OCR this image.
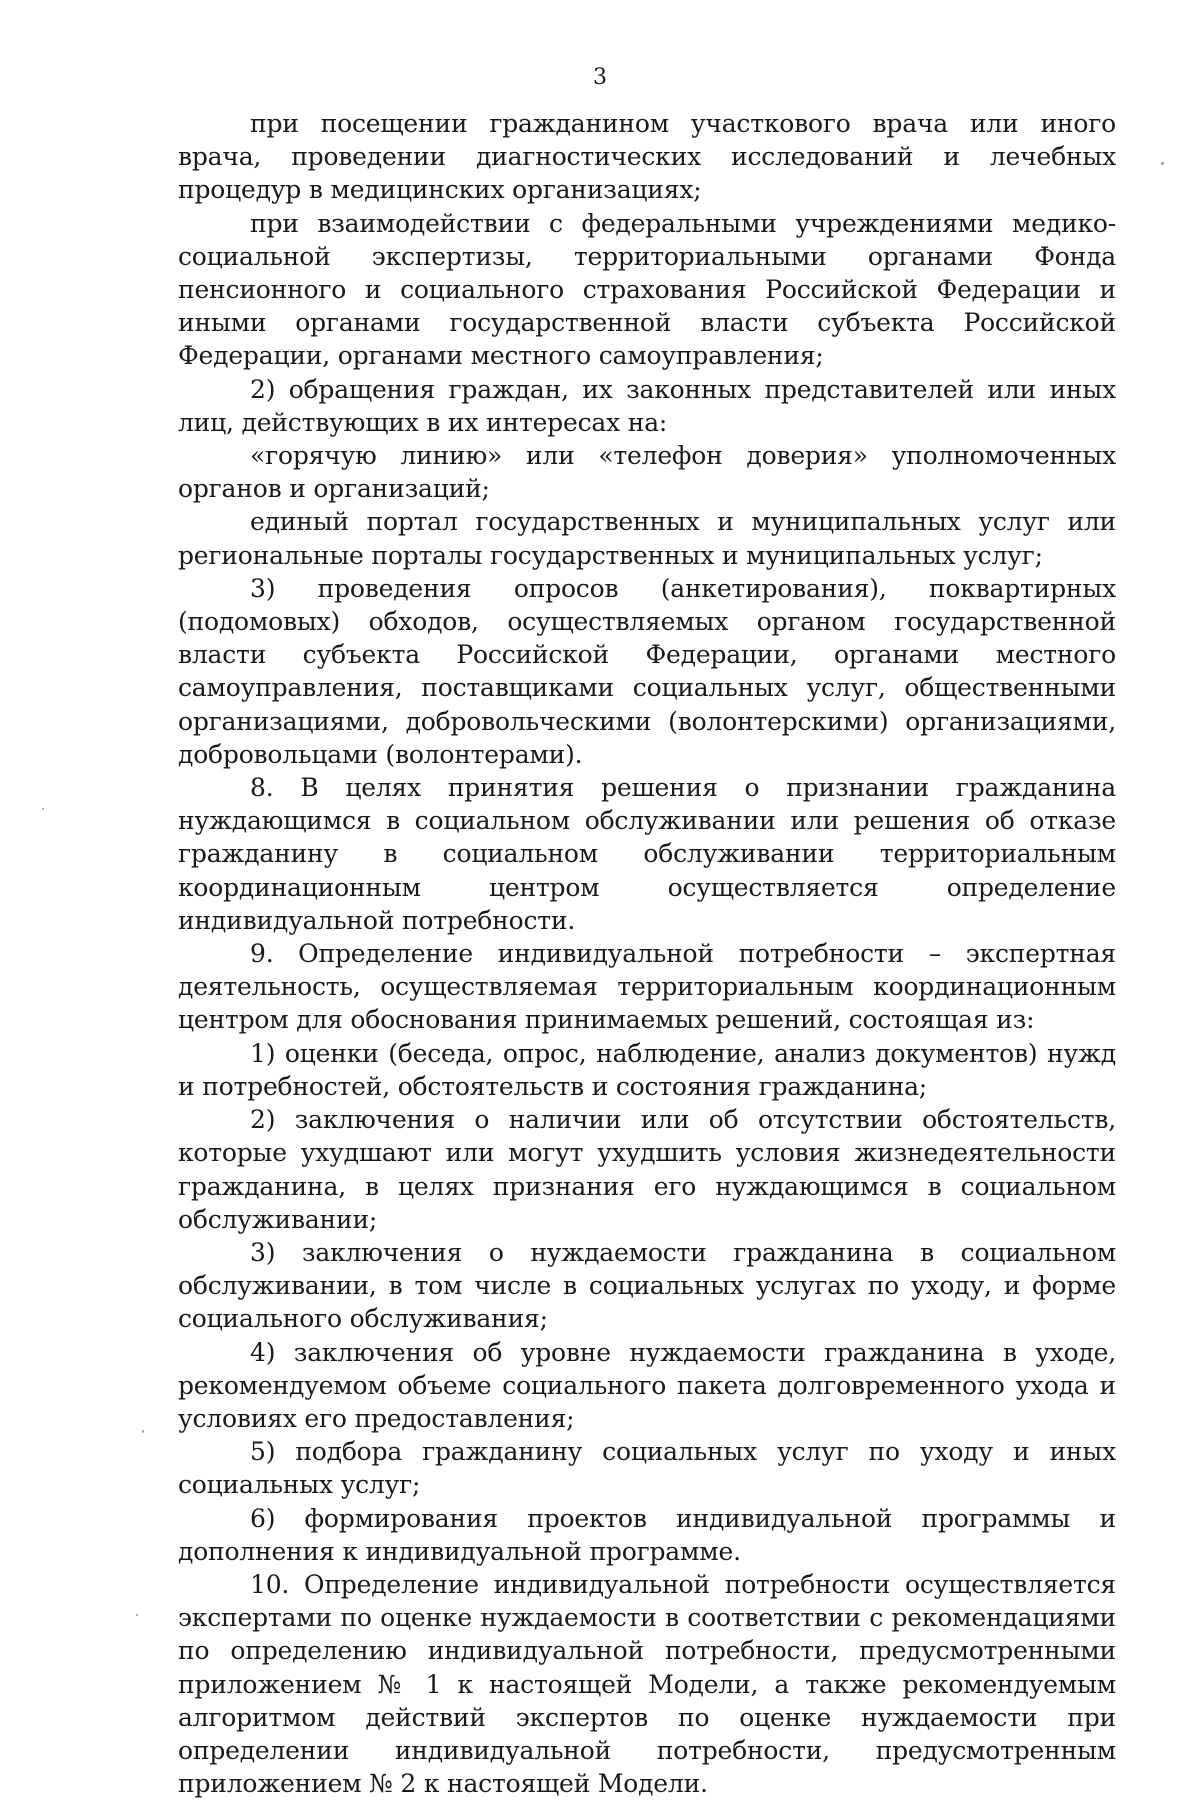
3

при посещении гражданином участкового врача или иного врача, проведении диагностических исследований и лечебных процедур в медицинских организациях;

при взаимодействии с федеральными учреждениями медико-социальной экспертизы, территориальными органами Фонда пенсионного и социального страхования Российской Федерации и иными органами государственной власти субъекта Российской Федерации, органами местного самоуправления;

2) обращения граждан, их законных представителей или иных лиц, действующих в их интересах на:

«горячую линию» или «телефон доверия» уполномоченных органов и организаций;

единый портал государственных и муниципальных услуг или региональные порталы государственных и муниципальных услуг;

3) проведения опросов (анкетирования), поквартирных (подомовых) обходов, осуществляемых органом государственной власти субъекта Российской Федерации, органами местного самоуправления, поставщиками социальных услуг, общественными организациями, добровольческими (волонтерскими) организациями, добровольцами (волонтерами).

8. В целях принятия решения о признании гражданина нуждающимся в социальном обслуживании или решения об отказе гражданину в социальном обслуживании территориальным координационным центром осуществляется определение индивидуальной потребности.

9. Определение индивидуальной потребности – экспертная деятельность, осуществляемая территориальным координационным центром для обоснования принимаемых решений, состоящая из:

1) оценки (беседа, опрос, наблюдение, анализ документов) нужд и потребностей, обстоятельств и состояния гражданина;

2) заключения о наличии или об отсутствии обстоятельств, которые ухудшают или могут ухудшить условия жизнедеятельности гражданина, в целях признания его нуждающимся в социальном обслуживании;

3) заключения о нуждаемости гражданина в социальном обслуживании, в том числе в социальных услугах по уходу, и форме социального обслуживания;

4) заключения об уровне нуждаемости гражданина в уходе, рекомендуемом объеме социального пакета долговременного ухода и условиях его предоставления;

5) подбора гражданину социальных услуг по уходу и иных социальных услуг;

6) формирования проектов индивидуальной программы и дополнения к индивидуальной программе.

10. Определение индивидуальной потребности осуществляется экспертами по оценке нуждаемости в соответствии с рекомендациями по определению индивидуальной потребности, предусмотренными приложением № 1 к настоящей Модели, а также рекомендуемым алгоритмом действий экспертов по оценке нуждаемости при определении индивидуальной потребности, предусмотренным приложением № 2 к настоящей Модели.
